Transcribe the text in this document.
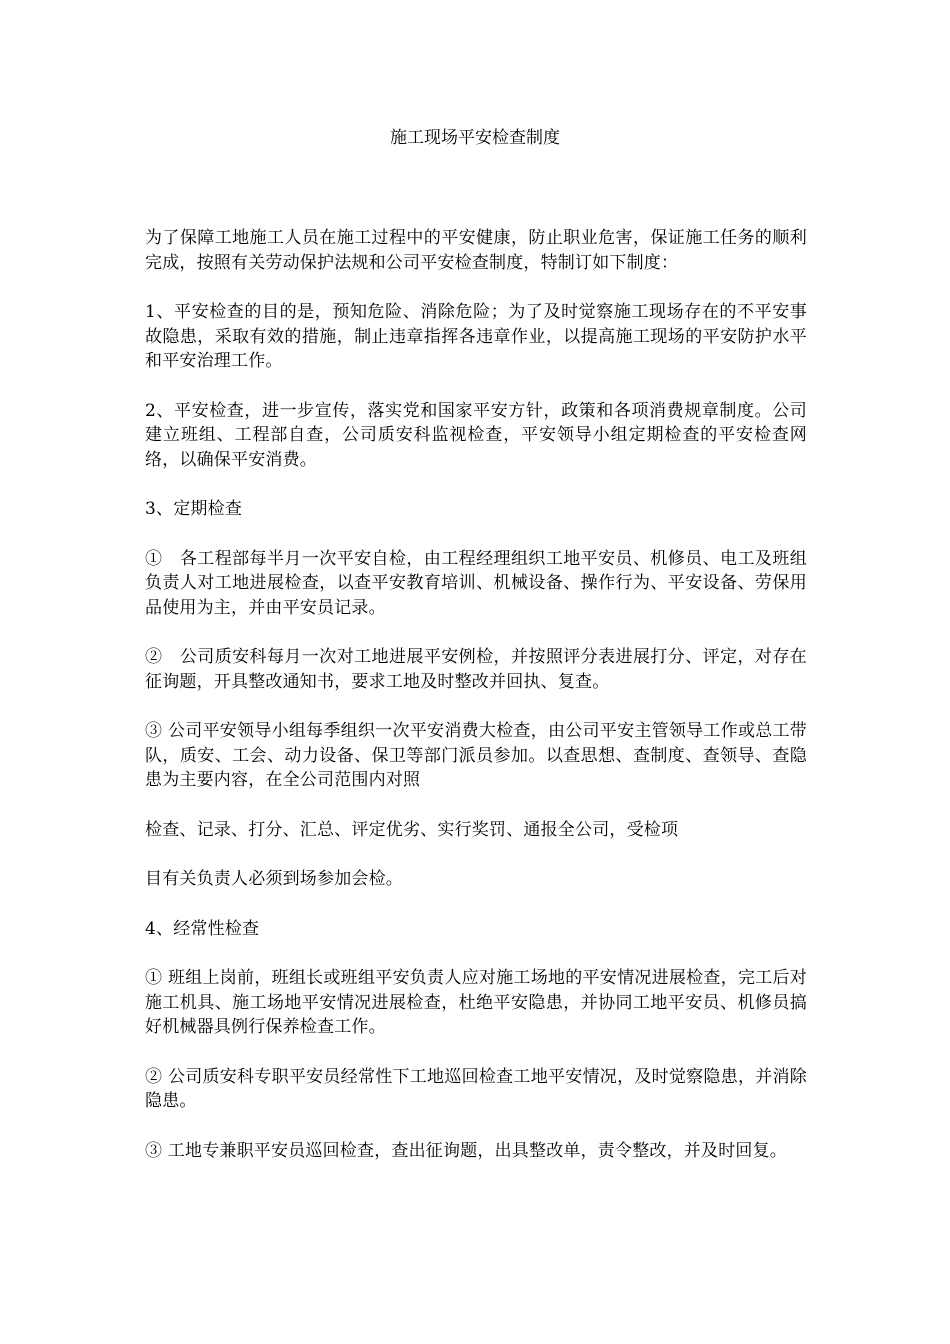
施工现场平安检查制度

为了保障工地施工人员在施工过程中的平安健康，防止职业危害，保证施工任务的顺利完成，按照有关劳动保护法规和公司平安检查制度，特制订如下制度：

1、平安检查的目的是，预知危险、消除危险；为了及时觉察施工现场存在的不平安事故隐患，采取有效的措施，制止违章指挥各违章作业，以提高施工现场的平安防护水平和平安治理工作。

2、平安检查，进一步宣传，落实党和国家平安方针，政策和各项消费规章制度。公司建立班组、工程部自查，公司质安科监视检查，平安领导小组定期检查的平安检查网络，以确保平安消费。

3、定期检查

①　各工程部每半月一次平安自检，由工程经理组织工地平安员、机修员、电工及班组负责人对工地进展检查，以查平安教育培训、机械设备、操作行为、平安设备、劳保用品使用为主，并由平安员记录。

②　公司质安科每月一次对工地进展平安例检，并按照评分表进展打分、评定，对存在征询题，开具整改通知书，要求工地及时整改并回执、复查。

③ 公司平安领导小组每季组织一次平安消费大检查，由公司平安主管领导工作或总工带队，质安、工会、动力设备、保卫等部门派员参加。以查思想、查制度、查领导、查隐患为主要内容，在全公司范围内对照

检查、记录、打分、汇总、评定优劣、实行奖罚、通报全公司，受检项

目有关负责人必须到场参加会检。

4、经常性检查

① 班组上岗前，班组长或班组平安负责人应对施工场地的平安情况进展检查，完工后对施工机具、施工场地平安情况进展检查，杜绝平安隐患，并协同工地平安员、机修员搞好机械器具例行保养检查工作。

② 公司质安科专职平安员经常性下工地巡回检查工地平安情况，及时觉察隐患，并消除隐患。

③ 工地专兼职平安员巡回检查，查出征询题，出具整改单，责令整改，并及时回复。
